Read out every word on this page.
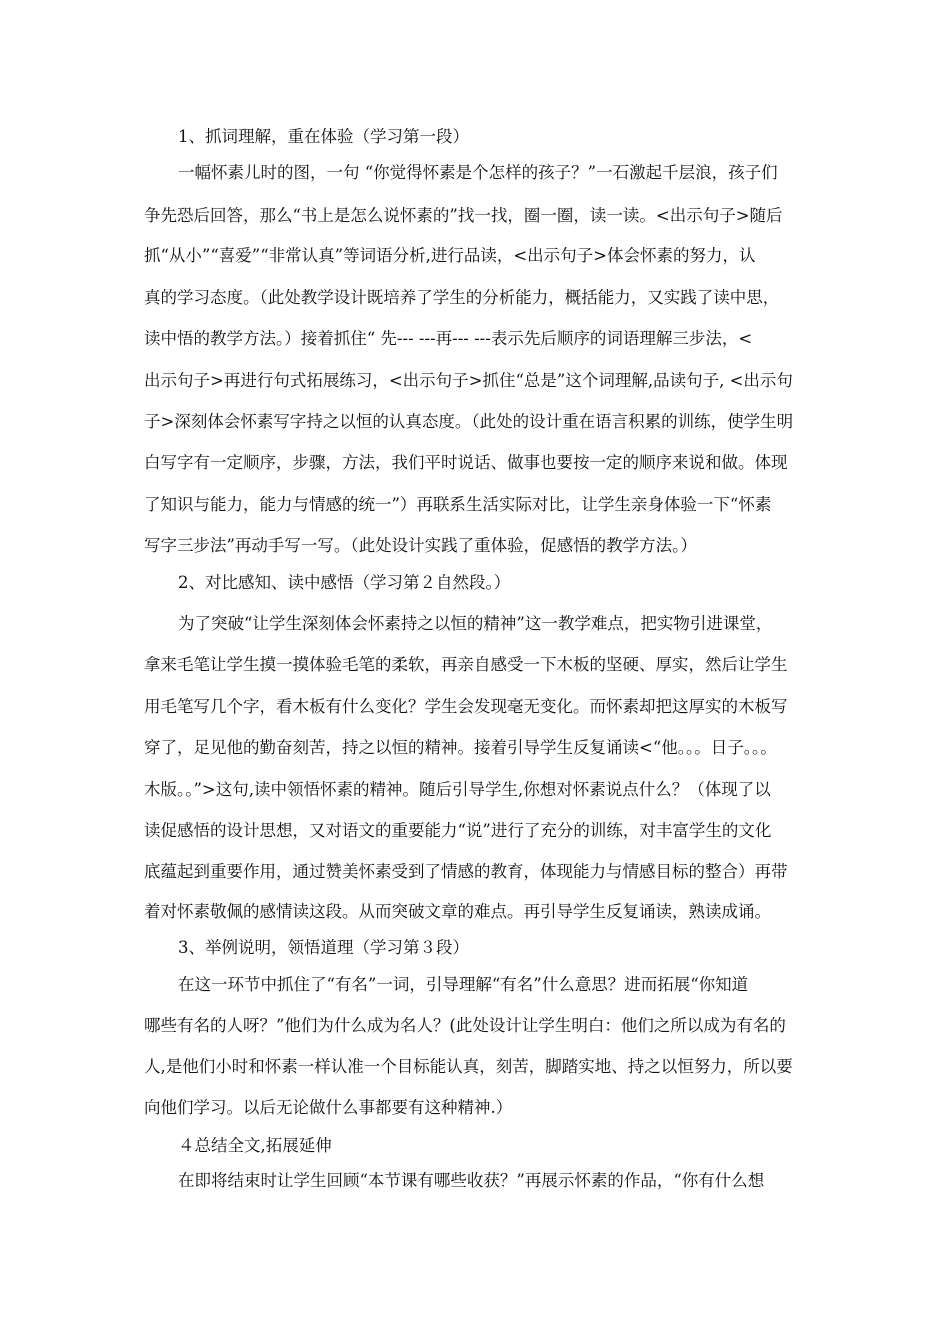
1、抓词理解，重在体验（学习第一段）
一幅怀素儿时的图，一句 “你觉得怀素是个怎样的孩子？”一石激起千层浪，孩子们
争先恐后回答，那么“书上是怎么说怀素的”找一找，圈一圈，读一读。<出示句子>随后
抓“从小”“喜爱”“非常认真”等词语分析,进行品读，<出示句子>体会怀素的努力，认
真的学习态度。（此处教学设计既培养了学生的分析能力，概括能力，又实践了读中思，
读中悟的教学方法。）接着抓住“ 先--- ---再--- ---表示先后顺序的词语理解三步法，<
出示句子>再进行句式拓展练习，<出示句子>抓住“总是”这个词理解,品读句子, <出示句
子>深刻体会怀素写字持之以恒的认真态度。（此处的设计重在语言积累的训练，使学生明
白写字有一定顺序，步骤，方法，我们平时说话、做事也要按一定的顺序来说和做。体现
了知识与能力，能力与情感的统一”）再联系生活实际对比，让学生亲身体验一下“怀素
写字三步法”再动手写一写。（此处设计实践了重体验，促感悟的教学方法。）
2、对比感知、读中感悟（学习第２自然段。）
为了突破“让学生深刻体会怀素持之以恒的精神”这一教学难点，把实物引进课堂，
拿来毛笔让学生摸一摸体验毛笔的柔软，再亲自感受一下木板的坚硬、厚实，然后让学生
用毛笔写几个字，看木板有什么变化？学生会发现毫无变化。而怀素却把这厚实的木板写
穿了，足见他的勤奋刻苦，持之以恒的精神。接着引导学生反复诵读<“他。。。日子。。。
木版。。”>这句,读中领悟怀素的精神。随后引导学生,你想对怀素说点什么？（体现了以
读促感悟的设计思想，又对语文的重要能力“说”进行了充分的训练，对丰富学生的文化
底蕴起到重要作用，通过赞美怀素受到了情感的教育，体现能力与情感目标的整合）再带
着对怀素敬佩的感情读这段。从而突破文章的难点。再引导学生反复诵读，熟读成诵。
3、举例说明，领悟道理（学习第３段）
在这一环节中抓住了“有名”一词，引导理解“有名”什么意思？进而拓展“你知道
哪些有名的人呀？”他们为什么成为名人？(此处设计让学生明白：他们之所以成为有名的
人,是他们小时和怀素一样认准一个目标能认真，刻苦，脚踏实地、持之以恒努力，所以要
向他们学习。以后无论做什么事都要有这种精神.）
４总结全文,拓展延伸
在即将结束时让学生回顾“本节课有哪些收获？”再展示怀素的作品，“你有什么想
